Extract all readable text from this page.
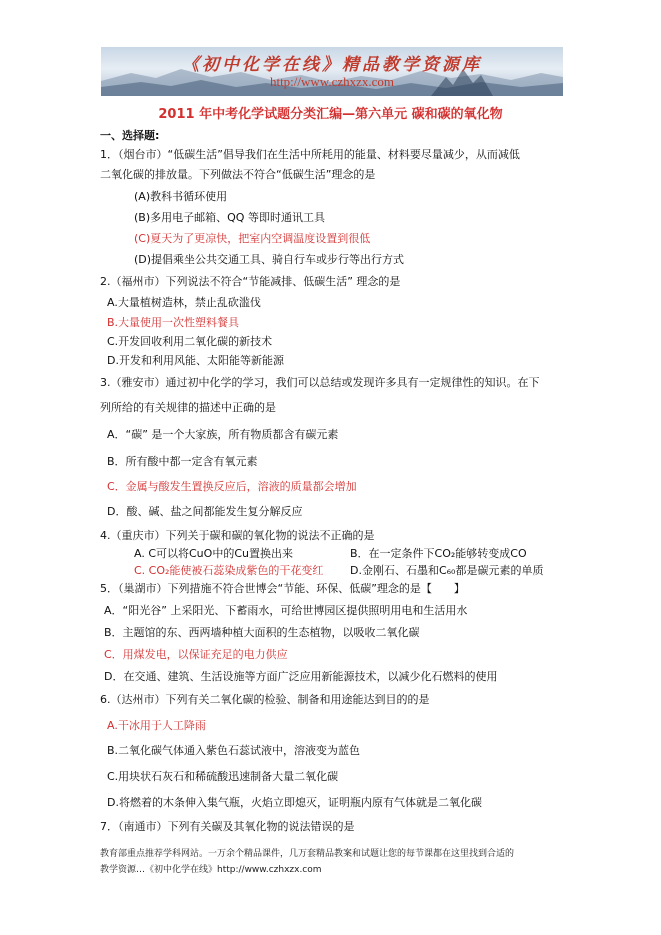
《初中化学在线》精品教学资源库
http://www.czhxzx.com
2011 年中考化学试题分类汇编—第六单元 碳和碳的氧化物
一、选择题:
1．（烟台市）“低碳生活”倡导我们在生活中所耗用的能量、材料要尽量减少，从而减低
二氧化碳的排放量。下列做法不符合“低碳生活”理念的是
(A)教科书循环使用
(B)多用电子邮箱、QQ 等即时通讯工具
(C)夏天为了更凉快，把室内空调温度设置到很低
(D)提倡乘坐公共交通工具、骑自行车或步行等出行方式
2.（福州市）下列说法不符合“节能减排、低碳生活” 理念的是
A.大量植树造林，禁止乱砍滥伐
B.大量使用一次性塑料餐具
C.开发回收利用二氧化碳的新技术
D.开发和利用风能、太阳能等新能源
3.（雅安市）通过初中化学的学习，我们可以总结或发现许多具有一定规律性的知识。在下
列所给的有关规律的描述中正确的是
A．“碳” 是一个大家族，所有物质都含有碳元素
B．所有酸中都一定含有氧元素
C．金属与酸发生置换反应后，溶液的质量都会增加
D．酸、碱、盐之间都能发生复分解反应
4.（重庆市）下列关于碳和碳的氧化物的说法不正确的是
A. C可以将CuO中的Cu置换出来	B．在一定条件下CO₂能够转变成CO
C. CO₂能使被石蕊染成紫色的干花变红 D.金刚石、石墨和C₆₀都是碳元素的单质
5．（巢湖市）下列措施不符合世博会“节能、环保、低碳”理念的是【　　】
A．“阳光谷” 上采阳光、下蓄雨水，可给世博园区提供照明用电和生活用水
B．主题馆的东、西两墙种植大面积的生态植物，以吸收二氧化碳
C．用煤发电，以保证充足的电力供应
D．在交通、建筑、生活设施等方面广泛应用新能源技术，以减少化石燃料的使用
6.（达州市）下列有关二氧化碳的检验、制备和用途能达到目的的是
A.干冰用于人工降雨
B.二氧化碳气体通入紫色石蕊试液中，溶液变为蓝色
C.用块状石灰石和稀硫酸迅速制备大量二氧化碳
D.将燃着的木条伸入集气瓶，火焰立即熄灭，证明瓶内原有气体就是二氧化碳
7．（南通市）下列有关碳及其氧化物的说法错误的是
教育部重点推荐学科网站。一万余个精品课件，几万套精品教案和试题让您的每节课都在这里找到合适的
教学资源…《初中化学在线》http://www.czhxzx.com
